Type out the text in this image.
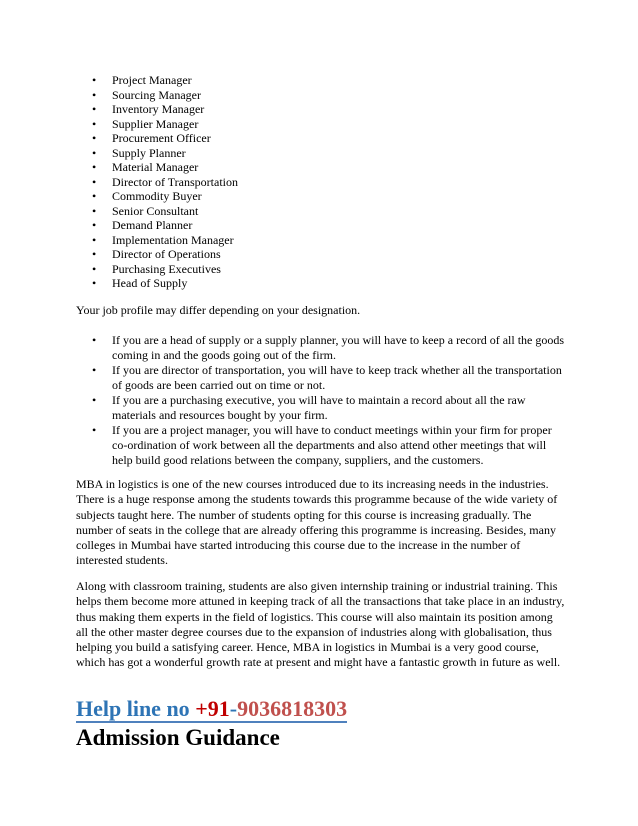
• Project Manager
• Sourcing Manager
• Inventory Manager
• Supplier Manager
• Procurement Officer
• Supply Planner
• Material Manager
• Director of Transportation
• Commodity Buyer
• Senior Consultant
• Demand Planner
• Implementation Manager
• Director of Operations
• Purchasing Executives
• Head of Supply

Your job profile may differ depending on your designation.

• If you are a head of supply or a supply planner, you will have to keep a record of all the goods coming in and the goods going out of the firm.
• If you are director of transportation, you will have to keep track whether all the transportation of goods are been carried out on time or not.
• If you are a purchasing executive, you will have to maintain a record about all the raw materials and resources bought by your firm.
• If you are a project manager, you will have to conduct meetings within your firm for proper co-ordination of work between all the departments and also attend other meetings that will help build good relations between the company, suppliers, and the customers.

MBA in logistics is one of the new courses introduced due to its increasing needs in the industries. There is a huge response among the students towards this programme because of the wide variety of subjects taught here. The number of students opting for this course is increasing gradually. The number of seats in the college that are already offering this programme is increasing. Besides, many colleges in Mumbai have started introducing this course due to the increase in the number of interested students.

Along with classroom training, students are also given internship training or industrial training. This helps them become more attuned in keeping track of all the transactions that take place in an industry, thus making them experts in the field of logistics. This course will also maintain its position among all the other master degree courses due to the expansion of industries along with globalisation, thus helping you build a satisfying career. Hence, MBA in logistics in Mumbai is a very good course, which has got a wonderful growth rate at present and might have a fantastic growth in future as well.

Help line no +91-9036818303
Admission Guidance
